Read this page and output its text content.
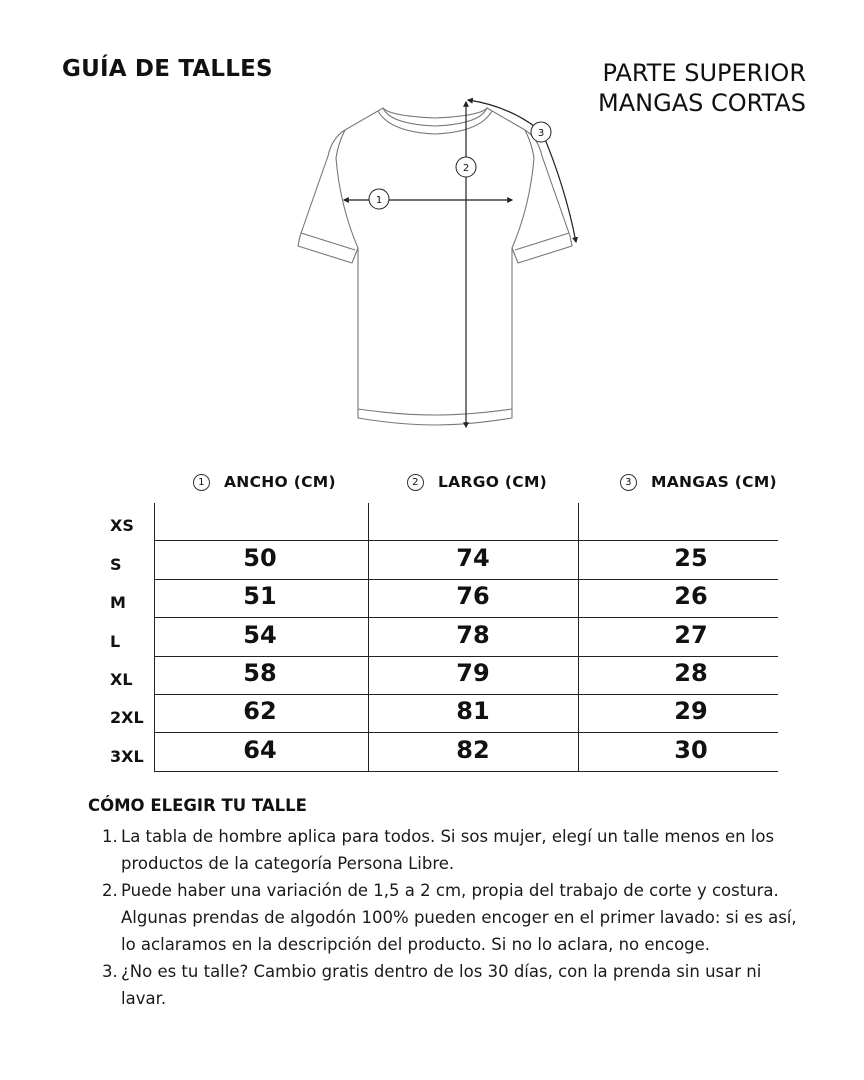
GUÍA DE TALLES	PARTE SUPERIOR
MANGAS CORTAS
1
2
3
1	ANCHO (CM)	2	LARGO (CM)	3	MANGAS (CM)
XS
S	50	74	25
M	51	76	26
L	54	78	27
XL	58	79	28
2XL	62	81	29
3XL	64	82	30
CÓMO ELEGIR TU TALLE
1. La tabla de hombre aplica para todos. Si sos mujer, elegí un talle menos en los productos de la categoría Persona Libre.
2. Puede haber una variación de 1,5 a 2 cm, propia del trabajo de corte y costura. Algunas prendas de algodón 100% pueden encoger en el primer lavado: si es así, lo aclaramos en la descripción del producto. Si no lo aclara, no encoge.
3. ¿No es tu talle? Cambio gratis dentro de los 30 días, con la prenda sin usar ni lavar.
